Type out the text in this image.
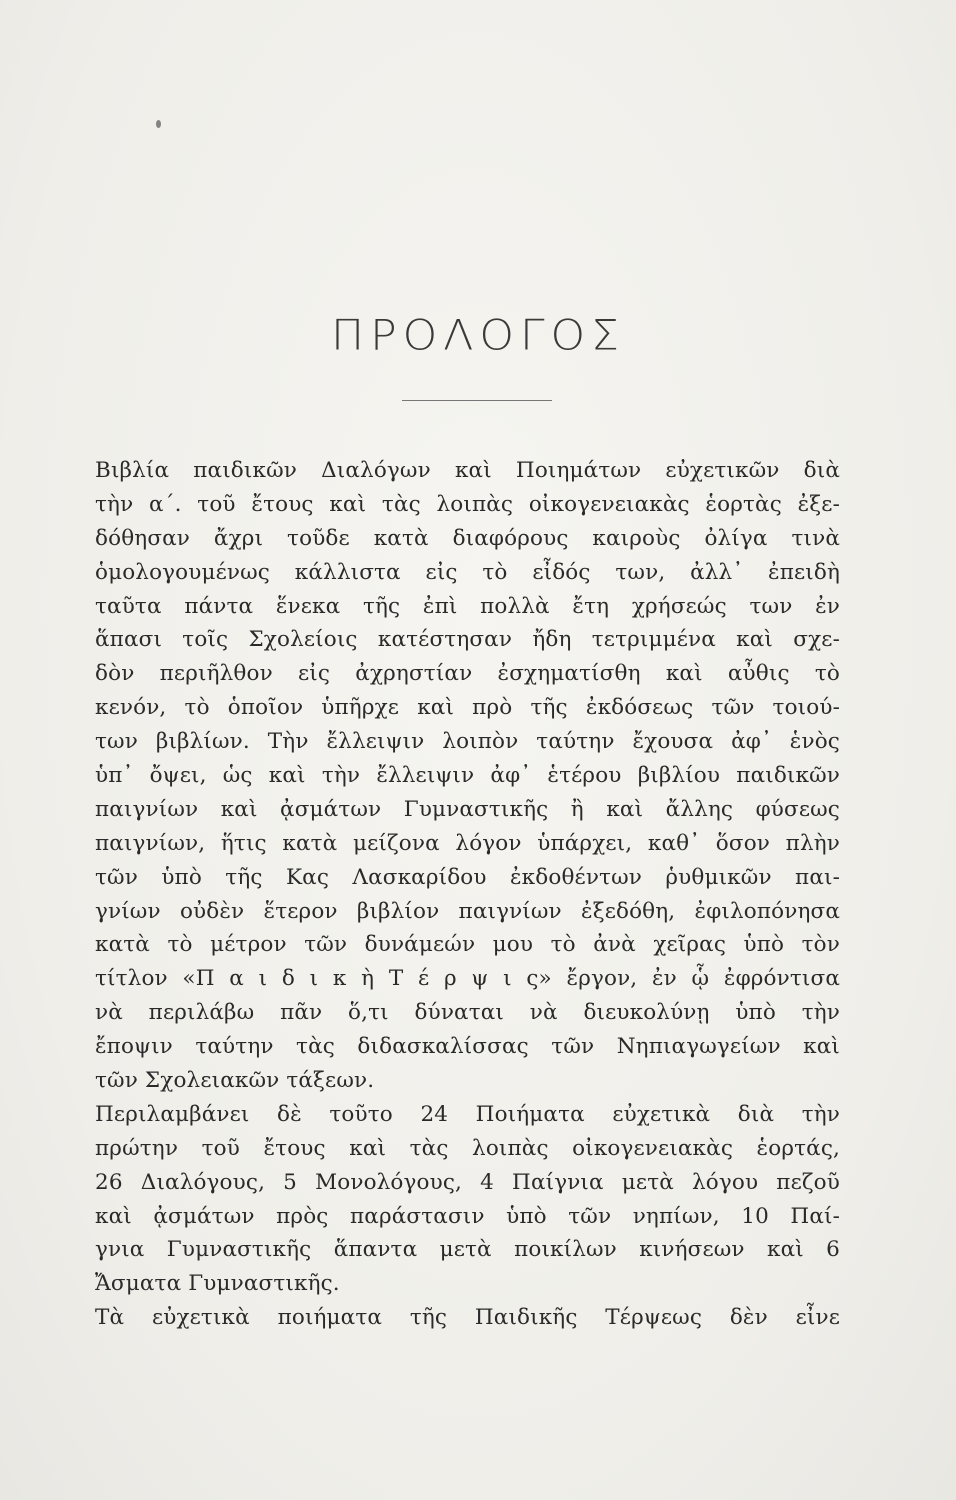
ΠΡΟΛΟΓΟΣ
Βιβλία παιδικῶν Διαλόγων καὶ Ποιημάτων εὐχετικῶν διὰ
τὴν α΄. τοῦ ἔτους καὶ τὰς λοιπὰς οἰκογενειακὰς ἑορτὰς ἐξε-
δόθησαν ἄχρι τοῦδε κατὰ διαφόρους καιροὺς ὀλίγα τινὰ
ὁμολογουμένως κάλλιστα εἰς τὸ εἶδός των, ἀλλ᾽ ἐπειδὴ
ταῦτα πάντα ἕνεκα τῆς ἐπὶ πολλὰ ἔτη χρήσεώς των ἐν
ἅπασι τοῖς Σχολείοις κατέστησαν ἤδη τετριμμένα καὶ σχε-
δὸν περιῆλθον εἰς ἀχρηστίαν ἐσχηματίσθη καὶ αὖθις τὸ
κενόν, τὸ ὁποῖον ὑπῆρχε καὶ πρὸ τῆς ἐκδόσεως τῶν τοιού-
των βιβλίων. Τὴν ἔλλειψιν λοιπὸν ταύτην ἔχουσα ἀφ᾽ ἑνὸς
ὑπ᾽ ὄψει, ὡς καὶ τὴν ἔλλειψιν ἀφ᾽ ἑτέρου βιβλίου παιδικῶν
παιγνίων καὶ ᾀσμάτων Γυμναστικῆς ἢ καὶ ἄλλης φύσεως
παιγνίων, ἥτις κατὰ μείζονα λόγον ὑπάρχει, καθ᾽ ὅσον πλὴν
τῶν ὑπὸ τῆς Κας Λασκαρίδου ἐκδοθέντων ῥυθμικῶν παι-
γνίων οὐδὲν ἕτερον βιβλίον παιγνίων ἐξεδόθη, ἐφιλοπόνησα
κατὰ τὸ μέτρον τῶν δυνάμεών μου τὸ ἀνὰ χεῖρας ὑπὸ τὸν
τίτλον «Π α ι δ ι κ ὴ Τ έ ρ ψ ι ς» ἔργον, ἐν ᾧ ἐφρόντισα
νὰ περιλάβω πᾶν ὅ,τι δύναται νὰ διευκολύνῃ ὑπὸ τὴν
ἔποψιν ταύτην τὰς διδασκαλίσσας τῶν Νηπιαγωγείων καὶ
τῶν Σχολειακῶν τάξεων.
Περιλαμβάνει δὲ τοῦτο 24 Ποιήματα εὐχετικὰ διὰ τὴν
πρώτην τοῦ ἔτους καὶ τὰς λοιπὰς οἰκογενειακὰς ἑορτάς,
26 Διαλόγους, 5 Μονολόγους, 4 Παίγνια μετὰ λόγου πεζοῦ
καὶ ᾀσμάτων πρὸς παράστασιν ὑπὸ τῶν νηπίων, 10 Παί-
γνια Γυμναστικῆς ἅπαντα μετὰ ποικίλων κινήσεων καὶ 6
Ἄσματα Γυμναστικῆς.
Τὰ εὐχετικὰ ποιήματα τῆς Παιδικῆς Τέρψεως δὲν εἶνε
